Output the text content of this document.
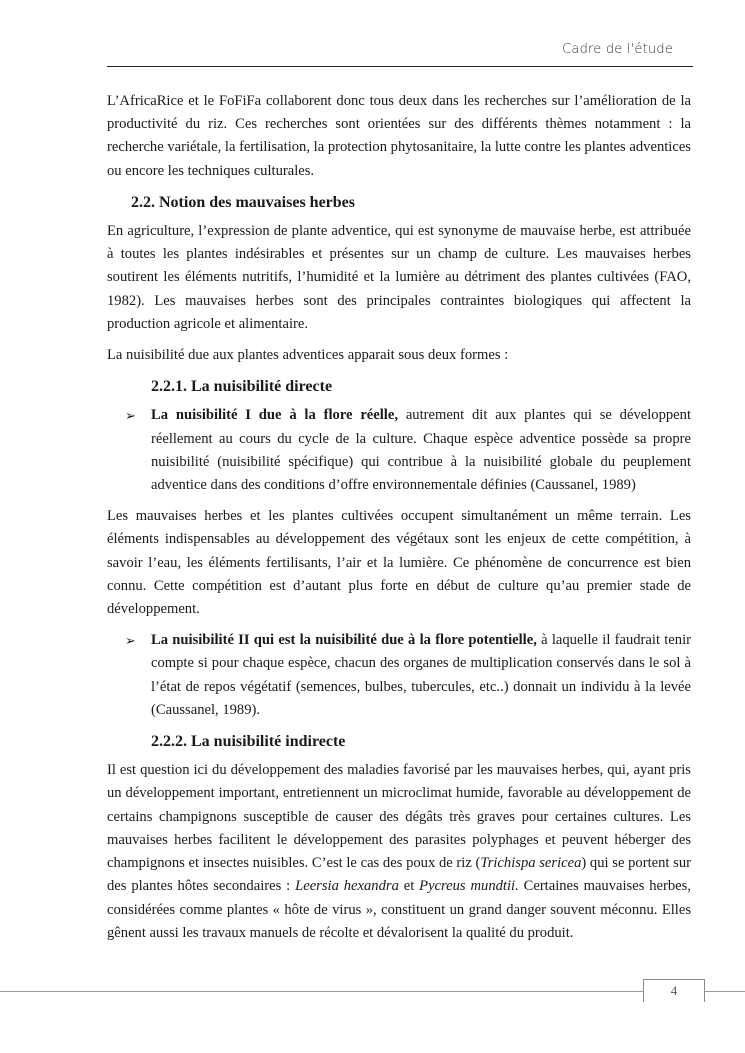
Cadre de l'étude

L’AfricaRice et le FoFiFa collaborent donc tous deux dans les recherches sur l’amélioration de la productivité du riz. Ces recherches sont orientées sur des différents thèmes notamment : la recherche variétale, la fertilisation, la protection phytosanitaire, la lutte contre les plantes adventices ou encore les techniques culturales.

2.2. Notion des mauvaises herbes

En agriculture, l’expression de plante adventice, qui est synonyme de mauvaise herbe, est attribuée à toutes les plantes indésirables et présentes sur un champ de culture. Les mauvaises herbes soutirent les éléments nutritifs, l’humidité et la lumière au détriment des plantes cultivées (FAO, 1982). Les mauvaises herbes sont des principales contraintes biologiques qui affectent la production agricole et alimentaire.

La nuisibilité due aux plantes adventices apparait sous deux formes :

2.2.1. La nuisibilité directe
➢ La nuisibilité I due à la flore réelle, autrement dit aux plantes qui se développent réellement au cours du cycle de la culture. Chaque espèce adventice possède sa propre nuisibilité (nuisibilité spécifique) qui contribue à la nuisibilité globale du peuplement adventice dans des conditions d’offre environnementale définies (Caussanel, 1989)

Les mauvaises herbes et les plantes cultivées occupent simultanément un même terrain. Les éléments indispensables au développement des végétaux sont les enjeux de cette compétition, à savoir l’eau, les éléments fertilisants, l’air et la lumière. Ce phénomène de concurrence est bien connu. Cette compétition est d’autant plus forte en début de culture qu’au premier stade de développement.

➢ La nuisibilité II qui est la nuisibilité due à la flore potentielle, à laquelle il faudrait tenir compte si pour chaque espèce, chacun des organes de multiplication conservés dans le sol à l’état de repos végétatif (semences, bulbes, tubercules, etc..) donnait un individu à la levée (Caussanel, 1989).
2.2.2. La nuisibilité indirecte

Il est question ici du développement des maladies favorisé par les mauvaises herbes, qui, ayant pris un développement important, entretiennent un microclimat humide, favorable au développement de certains champignons susceptible de causer des dégâts très graves pour certaines cultures. Les mauvaises herbes facilitent le développement des parasites polyphages et peuvent héberger des champignons et insectes nuisibles. C’est le cas des poux de riz (Trichispa sericea) qui se portent sur des plantes hôtes secondaires : Leersia hexandra et Pycreus mundtii. Certaines mauvaises herbes, considérées comme plantes « hôte de virus », constituent un grand danger souvent méconnu. Elles gênent aussi les travaux manuels de récolte et dévalorisent la qualité du produit.

4
